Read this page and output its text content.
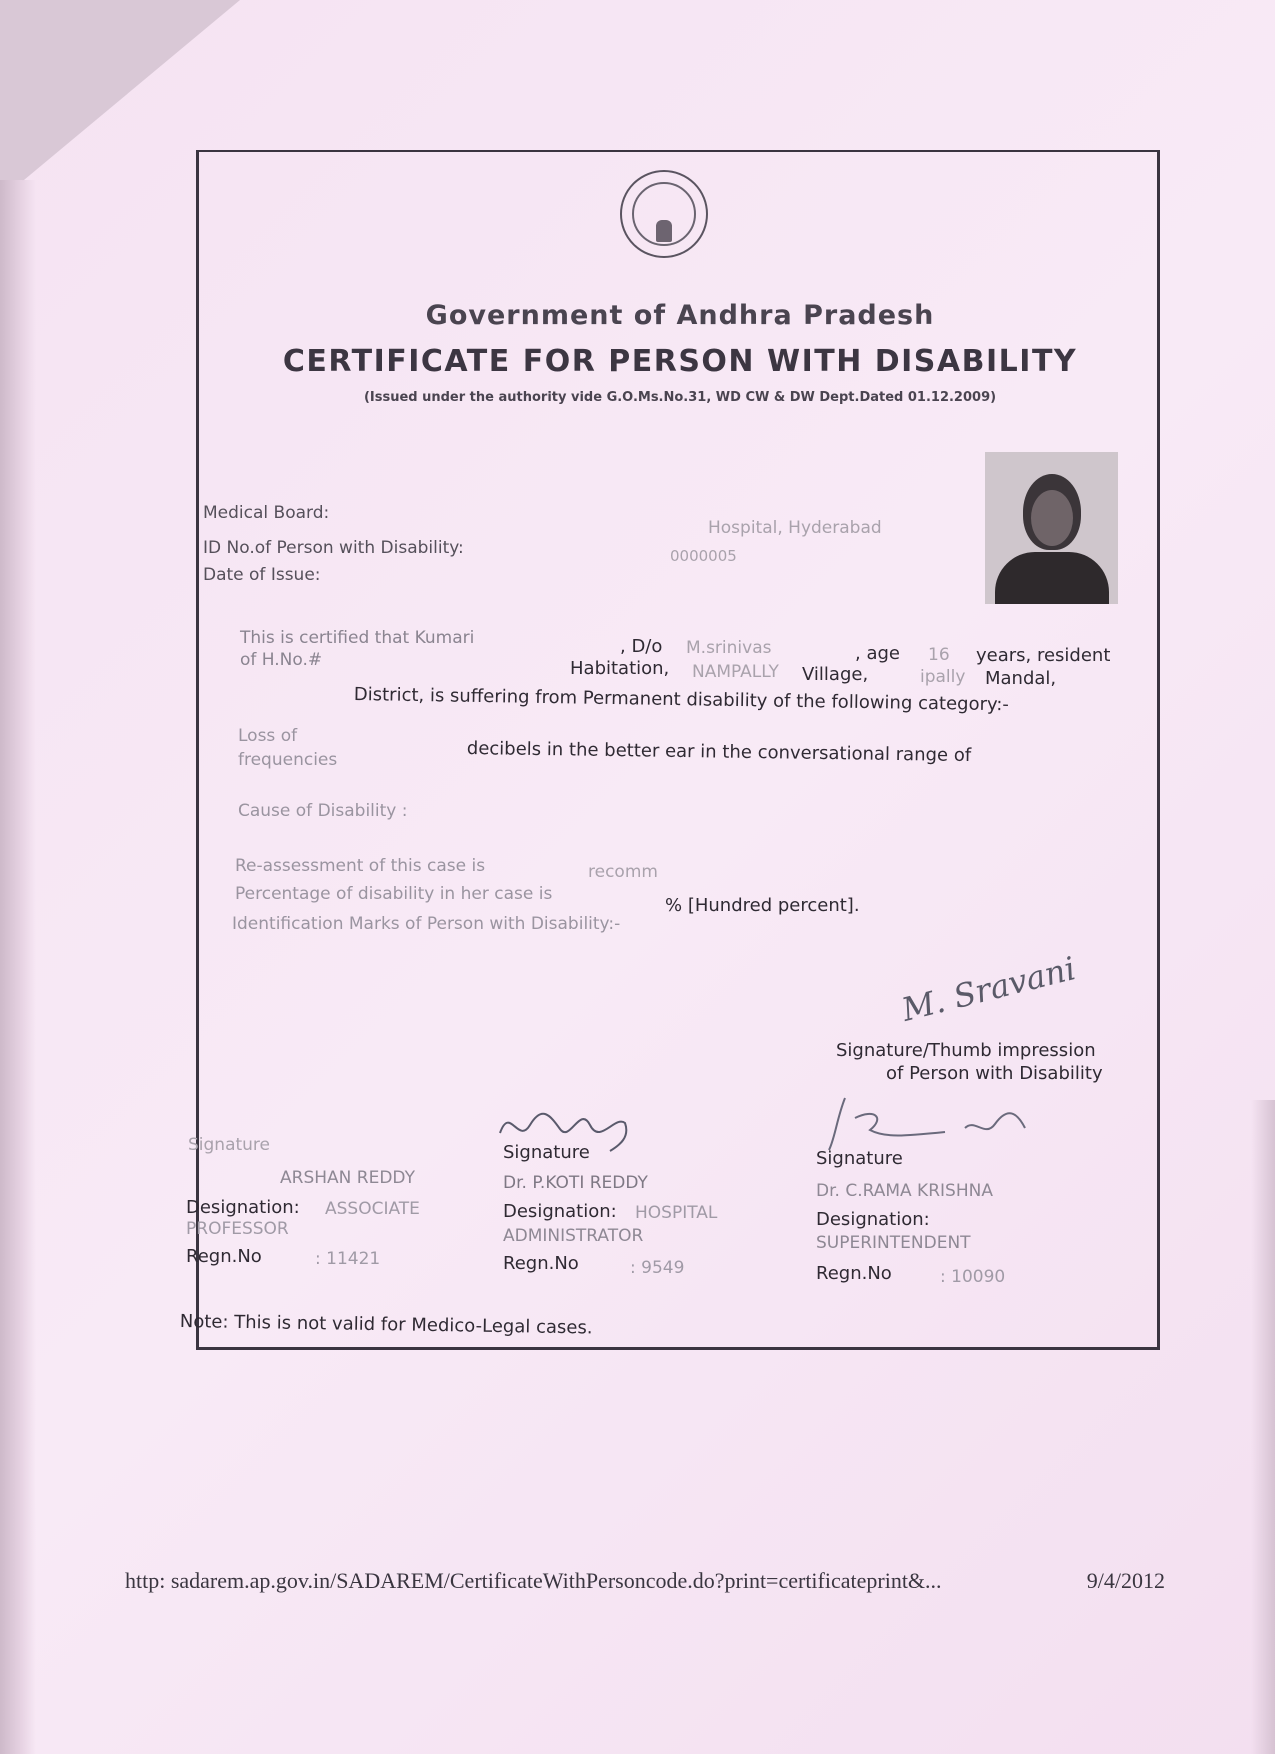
Government of Andhra Pradesh
CERTIFICATE FOR PERSON WITH DISABILITY
(Issued under the authority vide G.O.Ms.No.31, WD CW & DW Dept.Dated 01.12.2009)
Medical Board:
Hospital, Hyderabad
ID No.of Person with Disability:	0000005
Date of Issue:
This is certified that Kumari	, D/o M.srinivas	, age 16 years, resident
of H.No.#	Habitation, NAMPALLY Village,	ipally Mandal,
District, is suffering from Permanent disability of the following category:-
Loss of
frequencies	decibels in the better ear in the conversational range of
Cause of Disability :
Re-assessment of this case is	recomm
Percentage of disability in her case is
% [Hundred percent].
Identification Marks of Person with Disability:-
M. Sravani
Signature/Thumb impression
of Person with Disability
Signature
ARSHAN REDDY
Designation: ASSOCIATE
PROFESSOR
Regn.No	: 11421
Signature
Dr. P.KOTI REDDY
Designation: HOSPITAL
ADMINISTRATOR
Regn.No	: 9549
Signature
Dr. C.RAMA KRISHNA
Designation:
SUPERINTENDENT
Regn.No	: 10090
Note: This is not valid for Medico-Legal cases.
http: sadarem.ap.gov.in/SADAREM/CertificateWithPersoncode.do?print=certificateprint&...	9/4/2012
